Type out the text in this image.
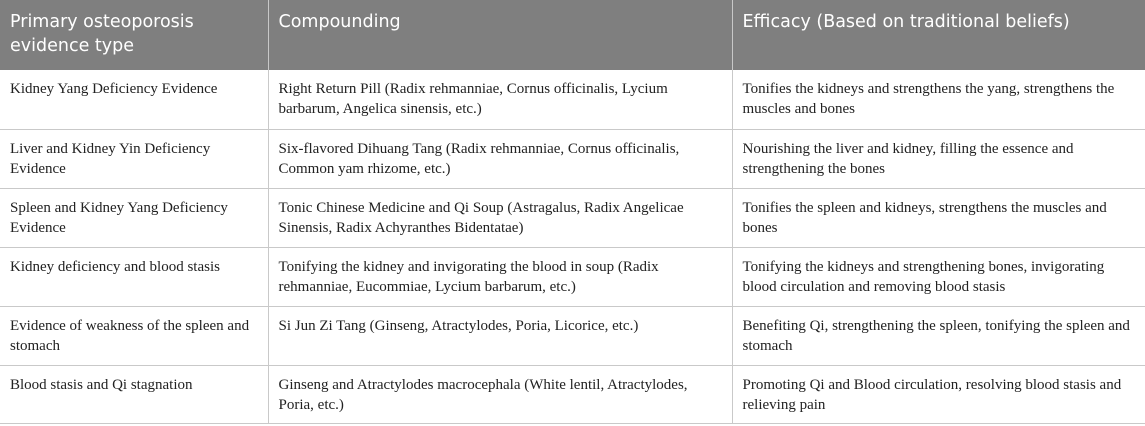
Primary osteoporosis evidence type	Compounding	Efficacy (Based on traditional beliefs)
Kidney Yang Deficiency Evidence	Right Return Pill (Radix rehmanniae, Cornus officinalis, Lycium barbarum, Angelica sinensis, etc.)	Tonifies the kidneys and strengthens the yang, strengthens the muscles and bones
Liver and Kidney Yin Deficiency Evidence	Six-flavored Dihuang Tang (Radix rehmanniae, Cornus officinalis, Common yam rhizome, etc.)	Nourishing the liver and kidney, filling the essence and strengthening the bones
Spleen and Kidney Yang Deficiency Evidence	Tonic Chinese Medicine and Qi Soup (Astragalus, Radix Angelicae Sinensis, Radix Achyranthes Bidentatae)	Tonifies the spleen and kidneys, strengthens the muscles and bones
Kidney deficiency and blood stasis	Tonifying the kidney and invigorating the blood in soup (Radix rehmanniae, Eucommiae, Lycium barbarum, etc.)	Tonifying the kidneys and strengthening bones, invigorating blood circulation and removing blood stasis
Evidence of weakness of the spleen and stomach	Si Jun Zi Tang (Ginseng, Atractylodes, Poria, Licorice, etc.)	Benefiting Qi, strengthening the spleen, tonifying the spleen and stomach
Blood stasis and Qi stagnation	Ginseng and Atractylodes macrocephala (White lentil, Atractylodes, Poria, etc.)	Promoting Qi and Blood circulation, resolving blood stasis and relieving pain
